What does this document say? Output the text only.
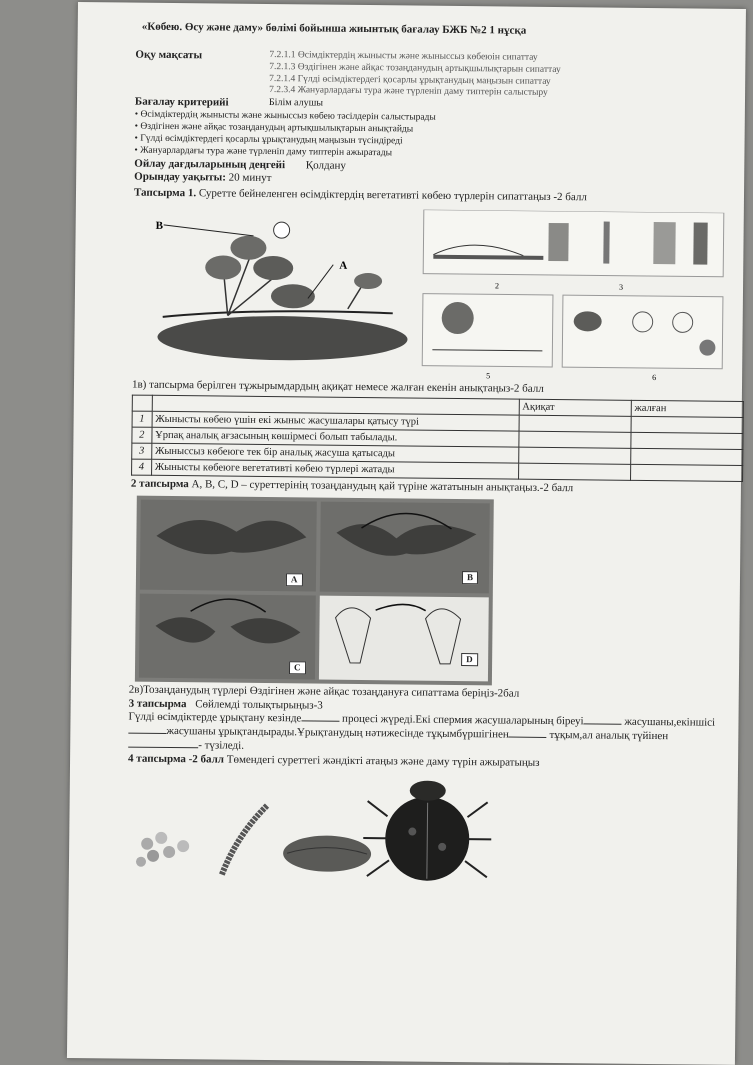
«Көбею. Өсу және даму» бөлімі бойынша жиынтық бағалау БЖБ №2 1 нұсқа
Оқу мақсаты	7.2.1.1 Өсімдіктердің жынысты және жыныссыз көбеюін сипаттау
7.2.1.3 Өздігінен және айқас тозаңданудың артықшылықтарын сипаттау
7.2.1.4 Гүлді өсімдіктердегі қосарлы ұрықтанудың маңызын сипаттау
7.2.3.4 Жануарлардағы тура және түрленіп даму типтерін салыстыру
Бағалау критерийі	Білім алушы
• Өсімдіктердің жынысты және жыныссыз көбею тәсілдерін салыстырады
• Өздігінен және айқас тозаңданудың артықшылықтарын анықтайды
• Гүлді өсімдіктердегі қосарлы ұрықтанудың маңызын түсіндіреді
• Жануарлардағы тура және түрленіп даму типтерін ажыратады
Ойлау дағдыларының деңгейі Қолдану
Орындау уақыты: 20 минут
Тапсырма 1. Суретте бейнеленген өсімдіктердің вегетативті көбею түрлерін сипаттаңыз -2 балл
B
A
2	3
5	6
1в) тапсырма берілген тұжырымдардың ақиқат немесе жалған екенін анықтаңыз-2 балл
		Ақиқат	жалған
1	Жынысты көбею үшін екі жыныс жасушалары қатысу түрі		
2	Ұрпақ аналық ағзасының көшірмесі болып табылады.		
3	Жыныссыз көбеюге тек бір аналық жасуша қатысады		
4	Жынысты көбеюге вегетативті көбею түрлері жатады		
2 тапсырма А, В, С, D – суреттерінің тозаңданудың қай түріне жататынын анықтаңыз.-2 балл
A	B
C
D
2в)Тозаңданудың түрлері Өздігінен және айқас тозаңдануға сипаттама беріңіз-2бал
3 тапсырма Сөйлемді толықтырыңыз-3
Гүлді өсімдіктерде ұрықтану кезінде	процесі жүреді.Екі спермия жасушаларының біреуі	жасушаны,екіншісіжасушаны ұрықтандырады.Ұрықтанудың нәтижесінде тұқымбүршігінен	тұқым,ал аналық түйінен- түзіледі.
4 тапсырма -2 балл Төмендегі суреттегі жәндікті атаңыз және даму түрін ажыратыңыз
